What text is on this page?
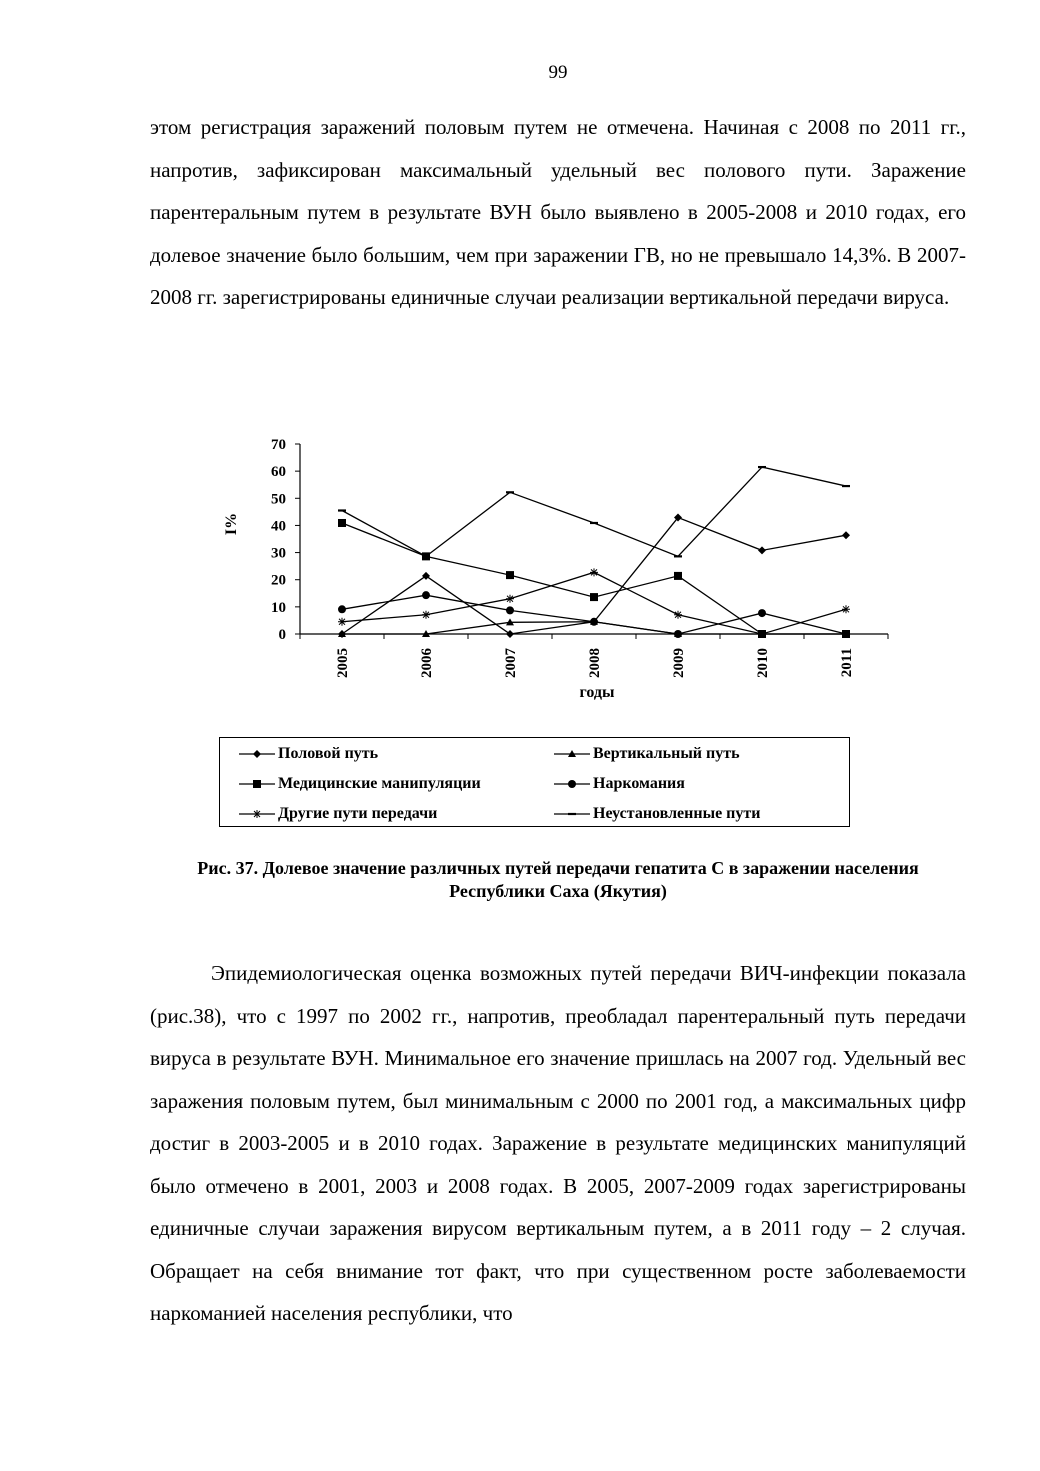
99

этом регистрация заражений половым путем не отмечена. Начиная с 2008 по 2011 гг., напротив, зафиксирован максимальный удельный вес полового пути. Заражение парентеральным путем в результате ВУН было выявлено в 2005-2008 и 2010 годах, его долевое значение было большим, чем при заражении ГВ, но не превышало 14,3%. В 2007-2008 гг. зарегистрированы единичные случаи реализации вертикальной передачи вируса.

0
10
20
30
40
50
60
70
2005	2006	2007	2008	2009	2010	2011
I%
годы
Половой путь	Вертикальный путь
Медицинские манипуляции	Наркомания
Другие пути передачи	Неустановленные пути
Рис. 37. Долевое значение различных путей передачи гепатита С в заражении населения Республики Саха (Якутия)

Эпидемиологическая оценка возможных путей передачи ВИЧ-инфекции показала (рис.38), что с 1997 по 2002 гг., напротив, преобладал парентеральный путь передачи вируса в результате ВУН. Минимальное его значение пришлась на 2007 год. Удельный вес заражения половым путем, был минимальным с 2000 по 2001 год, а максимальных цифр достиг в 2003-2005 и в 2010 годах. Заражение в результате медицинских манипуляций было отмечено в 2001, 2003 и 2008 годах. В 2005, 2007-2009 годах зарегистрированы единичные случаи заражения вирусом вертикальным путем, а в 2011 году – 2 случая. Обращает на себя внимание тот факт, что при существенном росте заболеваемости наркоманией населения республики, что
